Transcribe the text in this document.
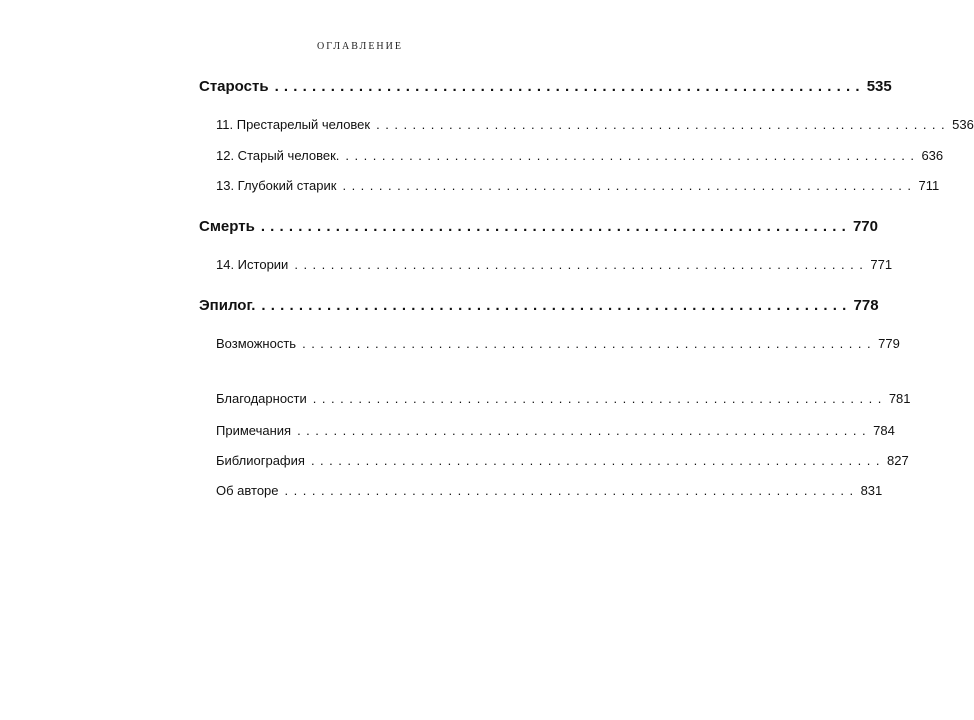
ОГЛАВЛЕНИЕ
Старость ............................................................... 535
11. Престарелый человек ............................................................... 536
12. Старый человек. ............................................................... 636
13. Глубокий старик ............................................................... 711
Смерть ............................................................... 770
14. Истории ............................................................... 771
Эпилог. ............................................................... 778
Возможность ............................................................... 779
Благодарности ............................................................... 781
Примечания ............................................................... 784
Библиография ............................................................... 827
Об авторе ............................................................... 831
